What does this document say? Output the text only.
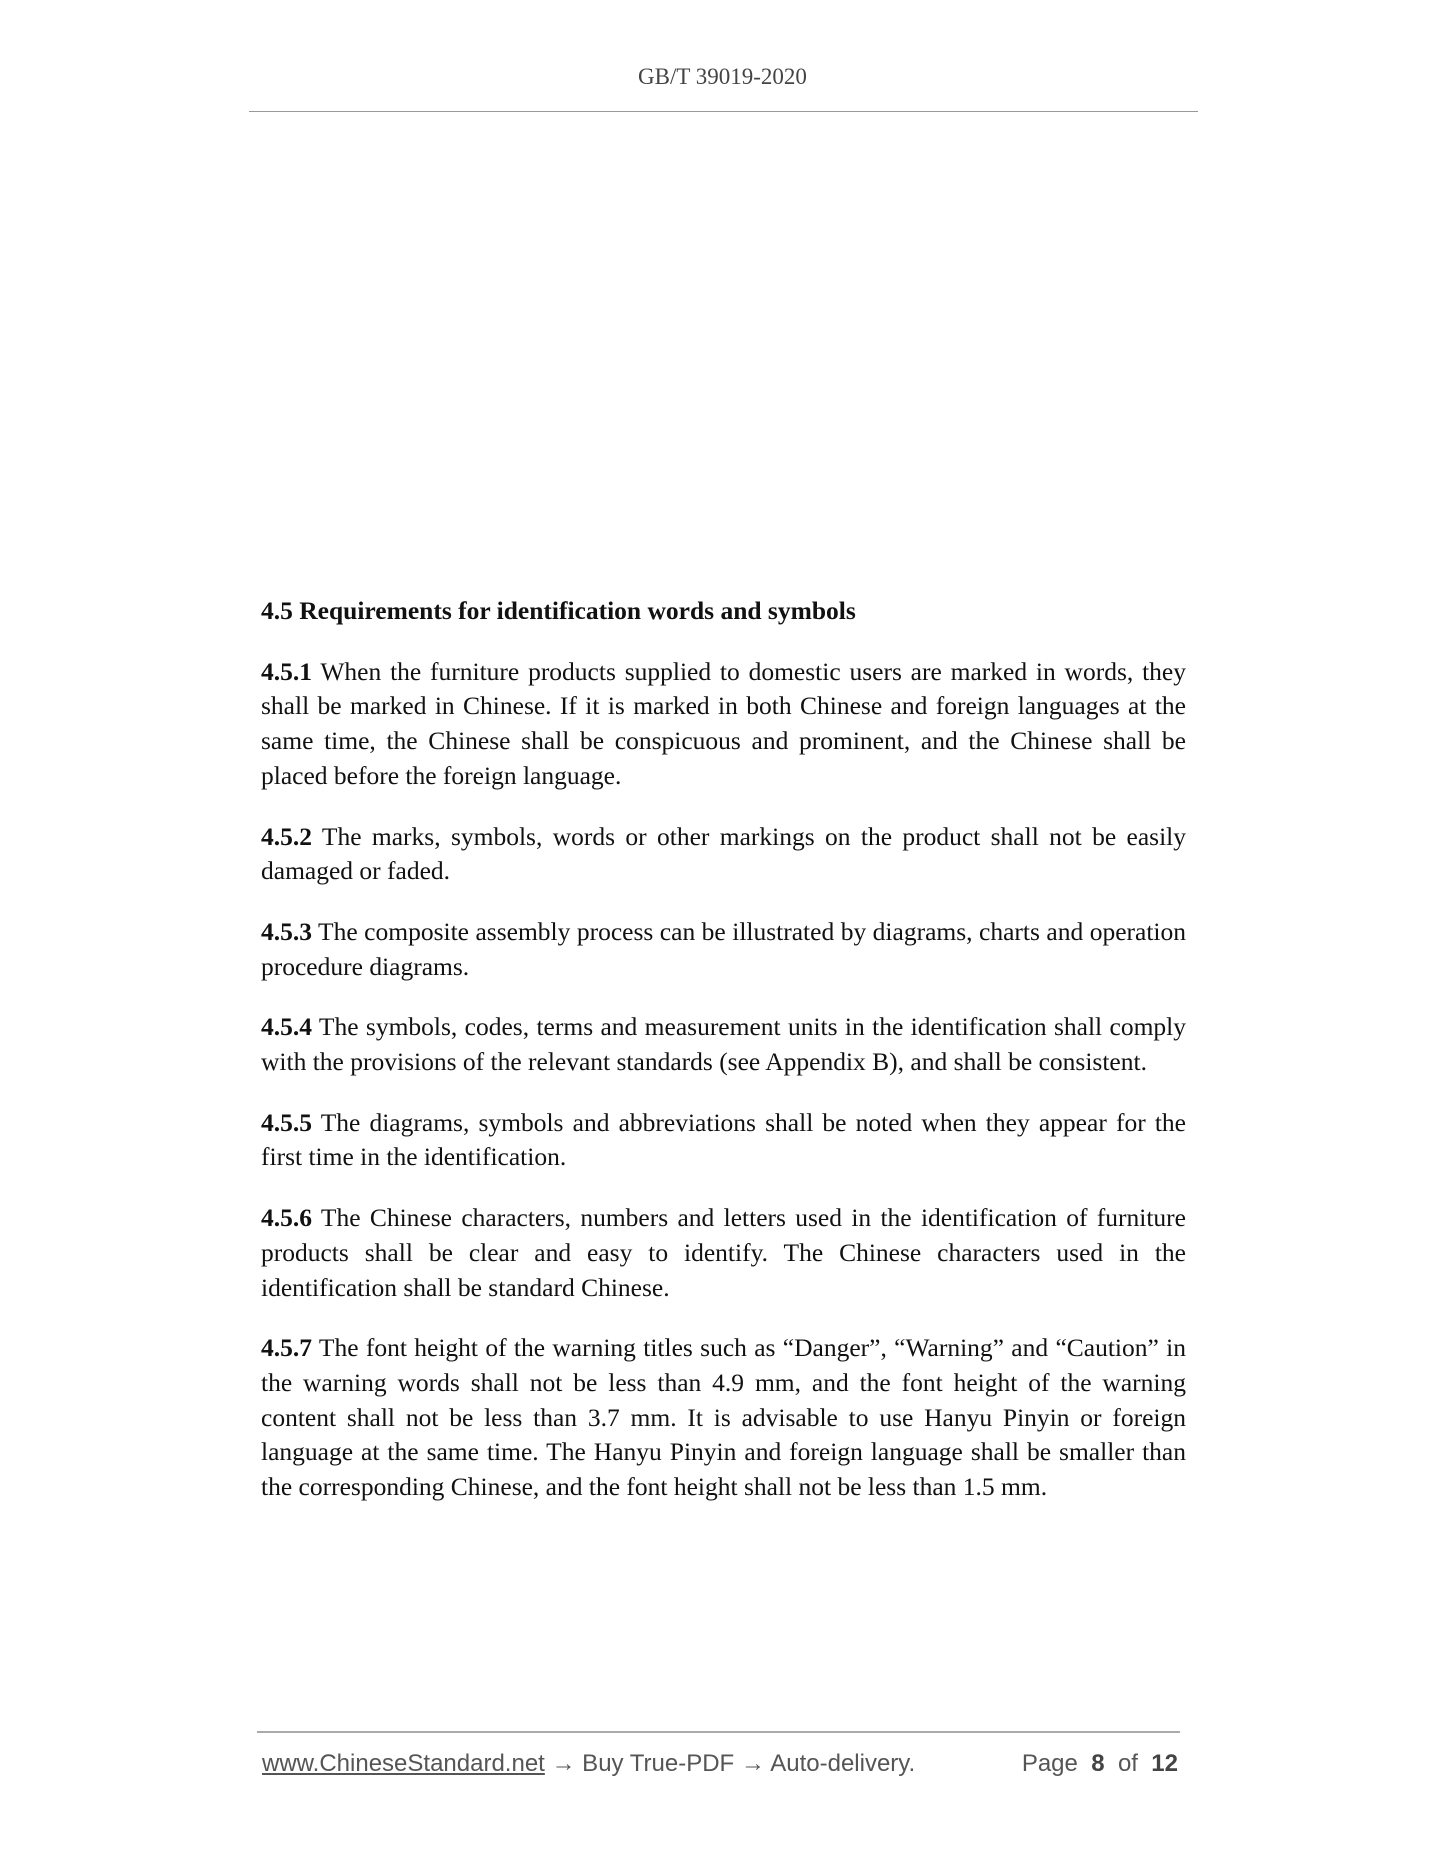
GB/T 39019-2020
4.5 Requirements for identification words and symbols

4.5.1 When the furniture products supplied to domestic users are marked in words, they shall be marked in Chinese. If it is marked in both Chinese and foreign languages at the same time, the Chinese shall be conspicuous and prominent, and the Chinese shall be placed before the foreign language.

4.5.2 The marks, symbols, words or other markings on the product shall not be easily damaged or faded.

4.5.3 The composite assembly process can be illustrated by diagrams, charts and operation procedure diagrams.

4.5.4 The symbols, codes, terms and measurement units in the identification shall comply with the provisions of the relevant standards (see Appendix B), and shall be consistent.

4.5.5 The diagrams, symbols and abbreviations shall be noted when they appear for the first time in the identification.

4.5.6 The Chinese characters, numbers and letters used in the identification of furniture products shall be clear and easy to identify. The Chinese characters used in the identification shall be standard Chinese.

4.5.7 The font height of the warning titles such as “Danger”, “Warning” and “Caution” in the warning words shall not be less than 4.9 mm, and the font height of the warning content shall not be less than 3.7 mm. It is advisable to use Hanyu Pinyin or foreign language at the same time. The Hanyu Pinyin and foreign language shall be smaller than the corresponding Chinese, and the font height shall not be less than 1.5 mm.

www.ChineseStandard.net → Buy True-PDF → Auto-delivery.	Page 8 of 12
